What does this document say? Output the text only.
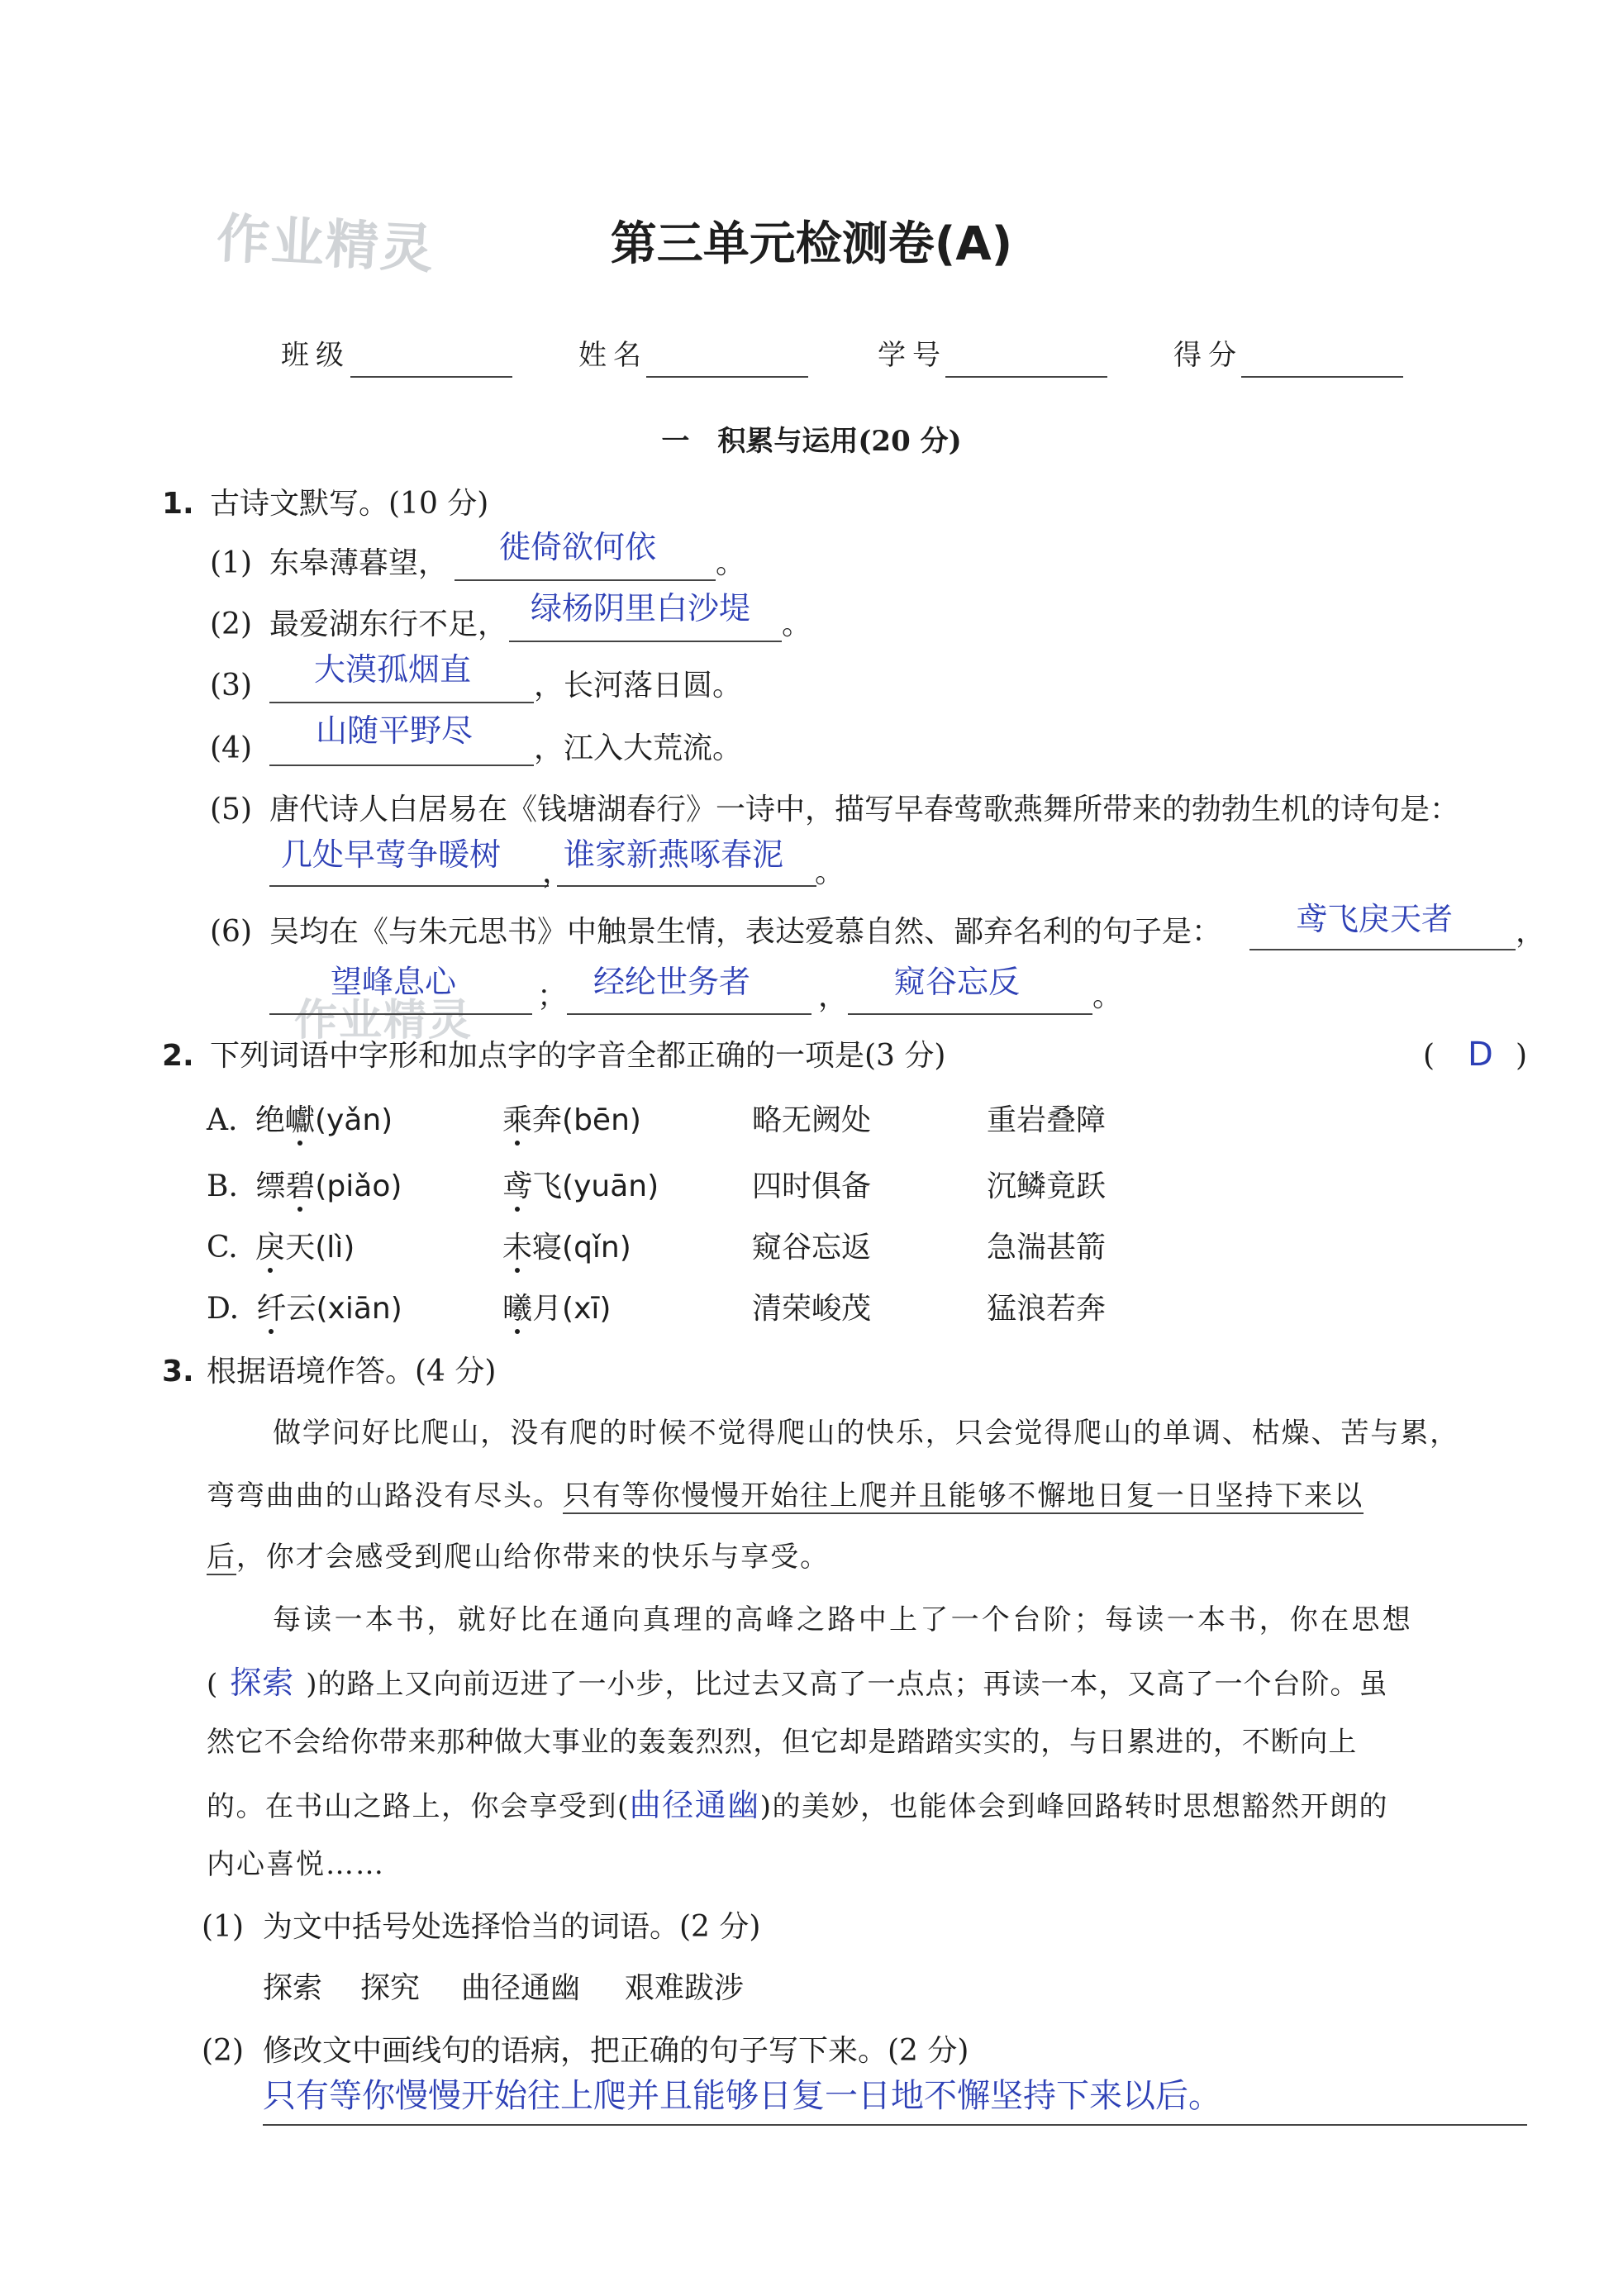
作业精灵	第三单元检测卷(A)
班级	姓名	学号	得分
一　积累与运用(20 分)
1. 古诗文默写。(10 分)
(1) 东皋薄暮望， 徙倚欲何依 。
(2) 最爱湖东行不足， 绿杨阴里白沙堤 。
(3) 大漠孤烟直 ，长河落日圆。
(4) 山随平野尽 ，江入大荒流。
(5) 唐代诗人白居易在《钱塘湖春行》一诗中，描写早春莺歌燕舞所带来的勃勃生机的诗句是：
几处早莺争暖树 ，
谁家新燕啄春泥 。
(6) 吴均在《与朱元思书》中触景生情，表达爱慕自然、鄙弃名利的句子是： 鸢飞戾天者 ，
作业精灵
望峰息心	； 经纶世务者 ， 窥谷忘反 。
2. 下列词语中字形和加点字的字音全都正确的一项是(3 分)	( D )
A. 绝巘(yǎn)	乘奔(bēn)	略无阙处	重岩叠障
B. 缥碧(piǎo)	鸢飞(yuān)	四时俱备	沉鳞竟跃
C. 戾天(lì)	未寝(qǐn)	窥谷忘返	急湍甚箭
D. 纤云(xiān)	曦月(xī)	清荣峻茂	猛浪若奔
3. 根据语境作答。(4 分)
做学问好比爬山，没有爬的时候不觉得爬山的快乐，只会觉得爬山的单调、枯燥、苦与累，
弯弯曲曲的山路没有尽头。只有等你慢慢开始往上爬并且能够不懈地日复一日坚持下来以
后，你才会感受到爬山给你带来的快乐与享受。
每读一本书，就好比在通向真理的高峰之路中上了一个台阶；每读一本书，你在思想
( 探索 )的路上又向前迈进了一小步，比过去又高了一点点；再读一本，又高了一个台阶。虽
然它不会给你带来那种做大事业的轰轰烈烈，但它却是踏踏实实的，与日累进的，不断向上
的。在书山之路上，你会享受到(曲径通幽)的美妙，也能体会到峰回路转时思想豁然开朗的
内心喜悦……
(1) 为文中括号处选择恰当的词语。(2 分)
探索 探究 曲径通幽 艰难跋涉
(2) 修改文中画线句的语病，把正确的句子写下来。(2 分)
只有等你慢慢开始往上爬并且能够日复一日地不懈坚持下来以后。
